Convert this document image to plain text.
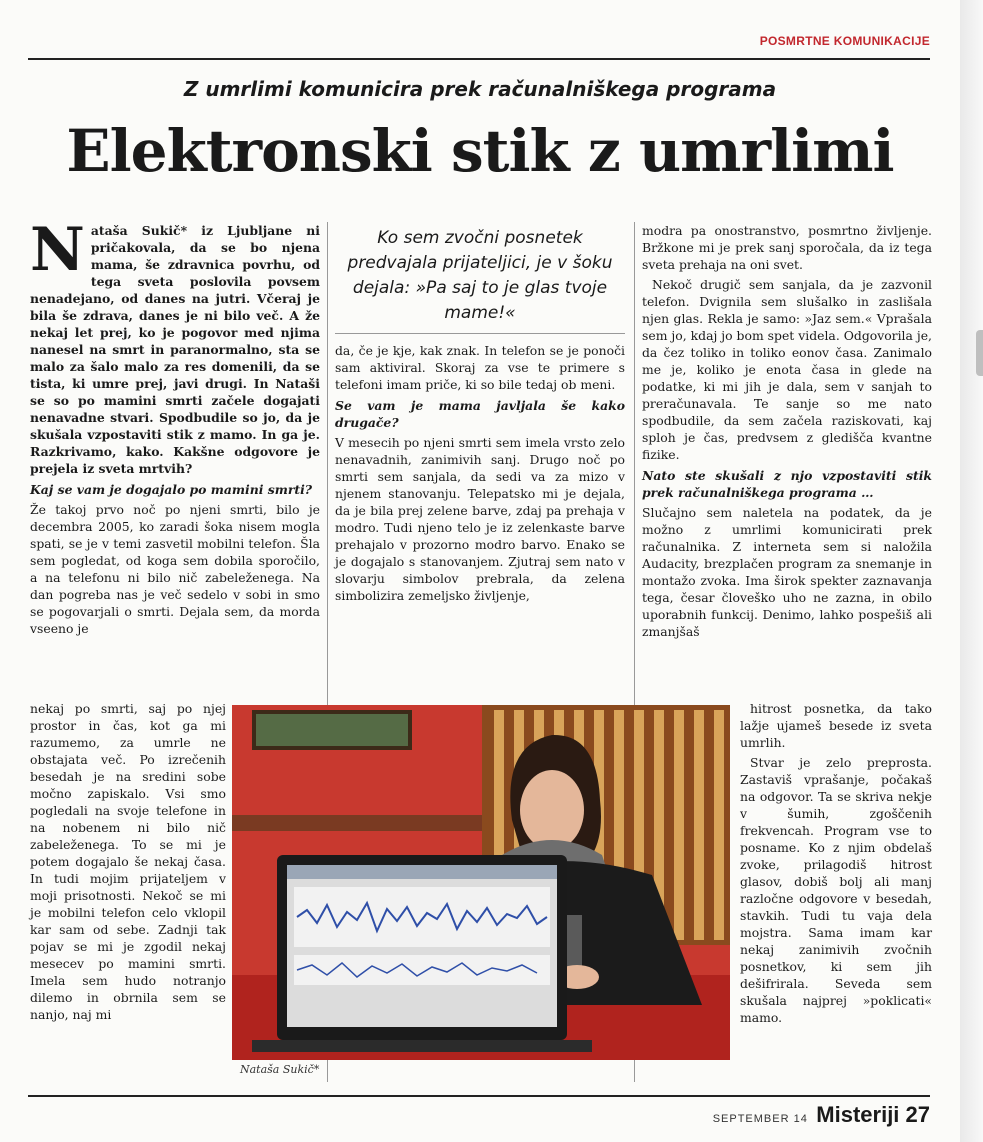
POSMRTNE KOMUNIKACIJE
Z umrlimi komunicira prek računalniškega programa
Elektronski stik z umrlimi

Nataša Sukič* iz Ljubljane ni pričakovala, da se bo njena mama, še zdravnica povrhu, od tega sveta poslovila povsem nenadejano, od danes na jutri. Včeraj je bila še zdrava, danes je ni bilo več. A že nekaj let prej, ko je pogovor med njima nanesel na smrt in paranormalno, sta se malo za šalo malo za res domenili, da se tista, ki umre prej, javi drugi. In Nataši se so po mamini smrti začele dogajati nenavadne stvari. Spodbudile so jo, da je skušala vzpostaviti stik z mamo. In ga je. Razkrivamo, kako. Kakšne odgovore je prejela iz sveta mrtvih?

Kaj se vam je dogajalo po mamini smrti?

Že takoj prvo noč po njeni smrti, bilo je decembra 2005, ko zaradi šoka nisem mogla spati, se je v temi zasvetil mobilni telefon. Šla sem pogledat, od koga sem dobila sporočilo, a na telefonu ni bilo nič zabeleženega. Na dan pogreba nas je več sedelo v sobi in smo se pogovarjali o smrti. Dejala sem, da morda vseeno je

nekaj po smrti, saj po njej prostor in čas, kot ga mi razumemo, za umrle ne obstajata več. Po izrečenih besedah je na sredini sobe močno zapiskalo. Vsi smo pogledali na svoje telefone in na nobenem ni bilo nič zabeleženega. To se mi je potem dogajalo še nekaj časa. In tudi mojim prijateljem v moji prisotnosti. Nekoč se mi je mobilni telefon celo vklopil kar sam od sebe. Zadnji tak pojav se mi je zgodil nekaj mesecev po mamini smrti. Imela sem hudo notranjo dilemo in obrnila sem se nanjo, naj mi
Ko sem zvočni posnetek predvajala prijateljici, je v šoku dejala: »Pa saj to je glas tvoje mame!«

da, če je kje, kak znak. In telefon se je ponoči sam aktiviral. Skoraj za vse te primere s telefoni imam priče, ki so bile tedaj ob meni.

Se vam je mama javljala še kako drugače?

V mesecih po njeni smrti sem imela vrsto zelo nenavadnih, zanimivih sanj. Drugo noč po smrti sem sanjala, da sedi va za mizo v njenem stanovanju. Telepatsko mi je dejala, da je bila prej zelene barve, zdaj pa prehaja v modro. Tudi njeno telo je iz zelenkaste barve prehajalo v prozorno modro barvo. Enako se je dogajalo s stanovanjem. Zjutraj sem nato v slovarju simbolov prebrala, da zelena simbolizira zemeljsko življenje,

modra pa onostranstvo, posmrtno življenje. Bržkone mi je prek sanj sporočala, da iz tega sveta prehaja na oni svet.

Nekoč drugič sem sanjala, da je zazvonil telefon. Dvignila sem slušalko in zaslišala njen glas. Rekla je samo: »Jaz sem.« Vprašala sem jo, kdaj jo bom spet videla. Odgovorila je, da čez toliko in toliko eonov časa. Zanimalo me je, koliko je enota časa in glede na podatke, ki mi jih je dala, sem v sanjah to preračunavala. Te sanje so me nato spodbudile, da sem začela raziskovati, kaj sploh je čas, predvsem z gledišča kvantne fizike.

Nato ste skušali z njo vzpostaviti stik prek računalniškega programa …

Slučajno sem naletela na podatek, da je možno z umrlimi komunicirati prek računalnika. Z interneta sem si naložila Audacity, brezplačen program za snemanje in montažo zvoka. Ima širok spekter zaznavanja tega, česar človeško uho ne zazna, in obilo uporabnih funkcij. Denimo, lahko pospešiš ali zmanjšaš

hitrost posnetka, da tako lažje ujameš besede iz sveta umrlih.

Stvar je zelo preprosta. Zastaviš vprašanje, počakaš na odgovor. Ta se skriva nekje v šumih, zgoščenih frekvencah. Program vse to posname. Ko z njim obdelaš zvoke, prilagodiš hitrost glasov, dobiš bolj ali manj razločne odgovore v besedah, stavkih. Tudi tu vaja dela mojstra. Sama imam kar nekaj zanimivih zvočnih posnetkov, ki sem jih dešifrirala. Seveda sem skušala najprej »poklicati« mamo.

Nataša Sukič*
SEPTEMBER 14 Misteriji 27
